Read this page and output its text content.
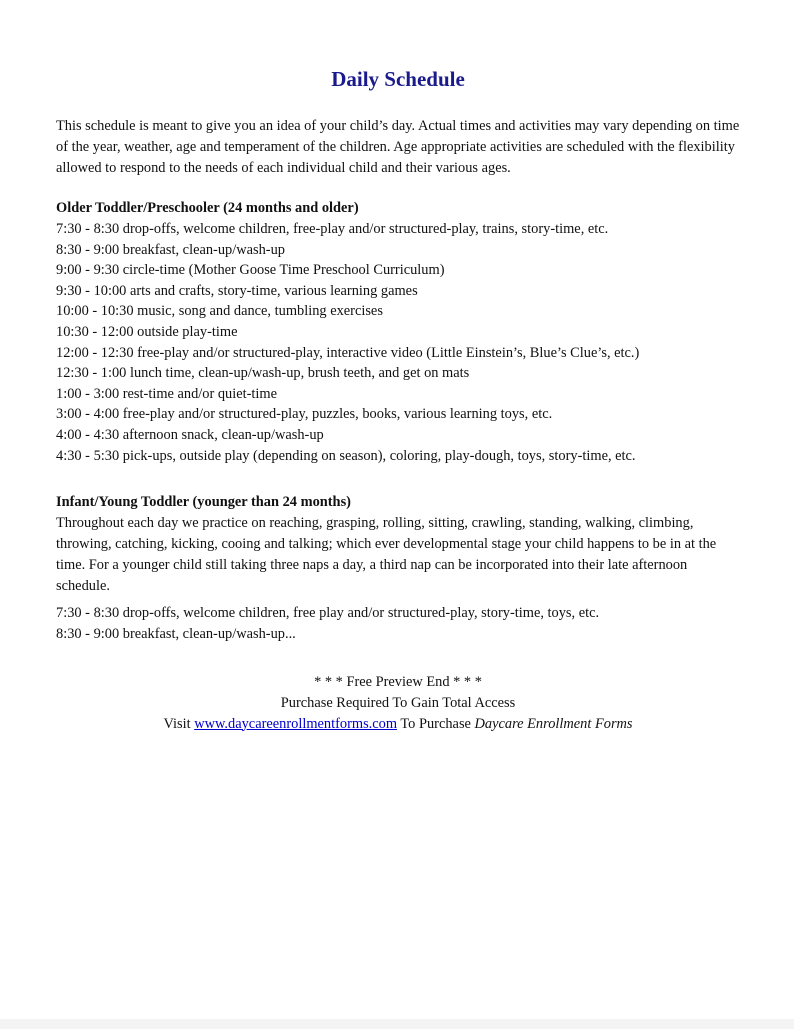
Daily Schedule

This schedule is meant to give you an idea of your child’s day. Actual times and activities may vary depending on time of the year, weather, age and temperament of the children. Age appropriate activities are scheduled with the flexibility allowed to respond to the needs of each individual child and their various ages.

Older Toddler/Preschooler (24 months and older)

7:30 - 8:30 drop-offs, welcome children, free-play and/or structured-play, trains, story-time, etc.

8:30 - 9:00 breakfast, clean-up/wash-up

9:00 - 9:30 circle-time (Mother Goose Time Preschool Curriculum)

9:30 - 10:00 arts and crafts, story-time, various learning games

10:00 - 10:30 music, song and dance, tumbling exercises

10:30 - 12:00 outside play-time

12:00 - 12:30 free-play and/or structured-play, interactive video (Little Einstein’s, Blue’s Clue’s, etc.)

12:30 - 1:00 lunch time, clean-up/wash-up, brush teeth, and get on mats

1:00 - 3:00 rest-time and/or quiet-time

3:00 - 4:00 free-play and/or structured-play, puzzles, books, various learning toys, etc.

4:00 - 4:30 afternoon snack, clean-up/wash-up

4:30 - 5:30 pick-ups, outside play (depending on season), coloring, play-dough, toys, story-time, etc.

Infant/Young Toddler (younger than 24 months)

Throughout each day we practice on reaching, grasping, rolling, sitting, crawling, standing, walking, climbing, throwing, catching, kicking, cooing and talking; which ever developmental stage your child happens to be in at the time. For a younger child still taking three naps a day, a third nap can be incorporated into their late afternoon schedule.

7:30 - 8:30 drop-offs, welcome children, free play and/or structured-play, story-time, toys, etc.

8:30 - 9:00 breakfast, clean-up/wash-up...

* * * Free Preview End * * *
Purchase Required To Gain Total Access
Visit www.daycareenrollmentforms.com To Purchase Daycare Enrollment Forms
